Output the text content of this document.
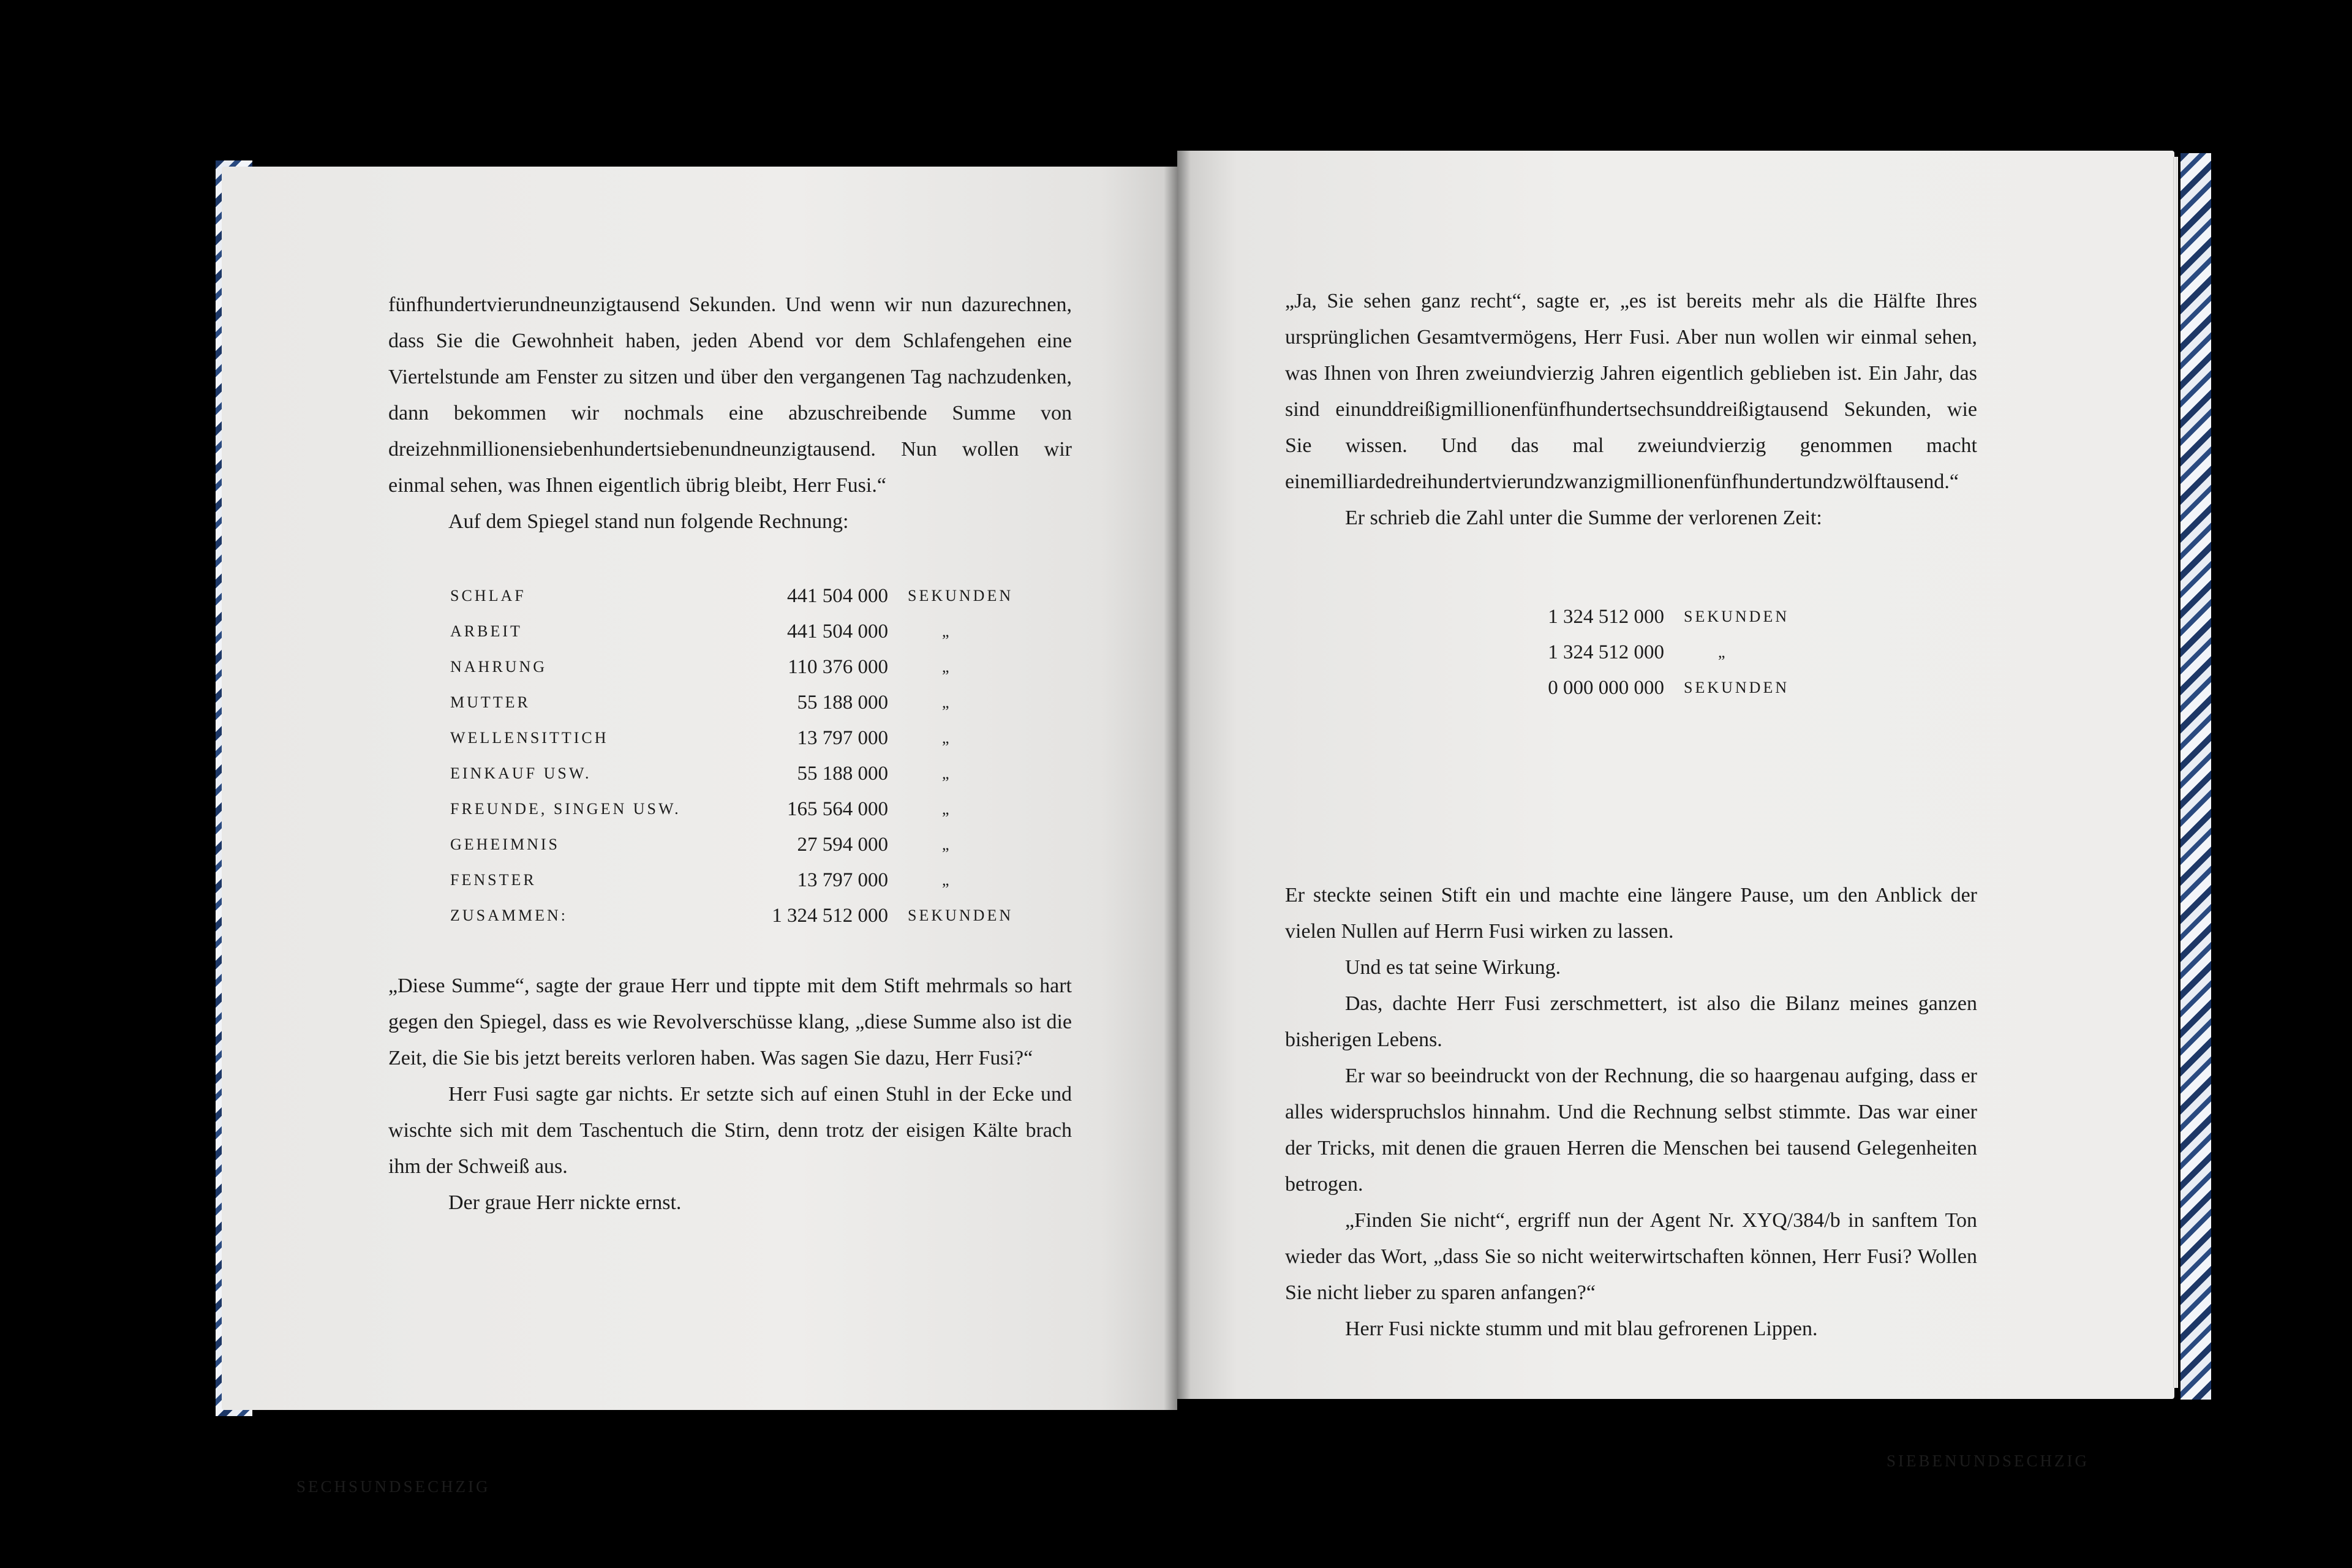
fünfhundertvierundneunzigtausend Sekunden. Und wenn wir nun dazurechnen, dass Sie die Gewohnheit haben, jeden Abend vor dem Schlafengehen eine Viertelstunde am Fenster zu sitzen und über den vergangenen Tag nachzudenken, dann bekommen wir nochmals eine abzuschreibende Summe von dreizehnmillionensiebenhundertsiebenundneunzigtausend. Nun wollen wir einmal sehen, was Ihnen eigentlich übrig bleibt, Herr Fusi.“

Auf dem Spiegel stand nun folgende Rechnung:

SCHLAF	441 504 000	SEKUNDEN
ARBEIT	441 504 000	„
NAHRUNG	110 376 000	„
MUTTER	55 188 000	„
WELLENSITTICH	13 797 000	„
EINKAUF USW.	55 188 000	„
FREUNDE, SINGEN USW.	165 564 000	„
GEHEIMNIS	27 594 000	„
FENSTER	13 797 000	„
ZUSAMMEN:	1 324 512 000	SEKUNDEN

„Diese Summe“, sagte der graue Herr und tippte mit dem Stift mehrmals so hart gegen den Spiegel, dass es wie Revolverschüsse klang, „diese Summe also ist die Zeit, die Sie bis jetzt bereits verloren haben. Was sagen Sie dazu, Herr Fusi?“

Herr Fusi sagte gar nichts. Er setzte sich auf einen Stuhl in der Ecke und wischte sich mit dem Taschentuch die Stirn, denn trotz der eisigen Kälte brach ihm der Schweiß aus.

Der graue Herr nickte ernst.

SECHSUNDSECHZIG

„Ja, Sie sehen ganz recht“, sagte er, „es ist bereits mehr als die Hälfte Ihres ursprünglichen Gesamtvermögens, Herr Fusi. Aber nun wollen wir einmal sehen, was Ihnen von Ihren zweiundvierzig Jahren eigentlich geblieben ist. Ein Jahr, das sind einunddreißigmillionenfünfhundertsechsunddreißigtausend Sekunden, wie Sie wissen. Und das mal zweiundvierzig genommen macht einemilliardedreihundertvierundzwanzigmillionenfünfhundertundzwölftausend.“

Er schrieb die Zahl unter die Summe der verlorenen Zeit:

1 324 512 000	SEKUNDEN
1 324 512 000	„
0 000 000 000	SEKUNDEN

Er steckte seinen Stift ein und machte eine längere Pause, um den Anblick der vielen Nullen auf Herrn Fusi wirken zu lassen.

Und es tat seine Wirkung.

Das, dachte Herr Fusi zerschmettert, ist also die Bilanz meines ganzen bisherigen Lebens.

Er war so beeindruckt von der Rechnung, die so haargenau aufging, dass er alles widerspruchslos hinnahm. Und die Rechnung selbst stimmte. Das war einer der Tricks, mit denen die grauen Herren die Menschen bei tausend Gelegenheiten betrogen.

„Finden Sie nicht“, ergriff nun der Agent Nr. XYQ/384/b in sanftem Ton wieder das Wort, „dass Sie so nicht weiterwirtschaften können, Herr Fusi? Wollen Sie nicht lieber zu sparen anfangen?“

Herr Fusi nickte stumm und mit blau gefrorenen Lippen.

SIEBENUNDSECHZIG
